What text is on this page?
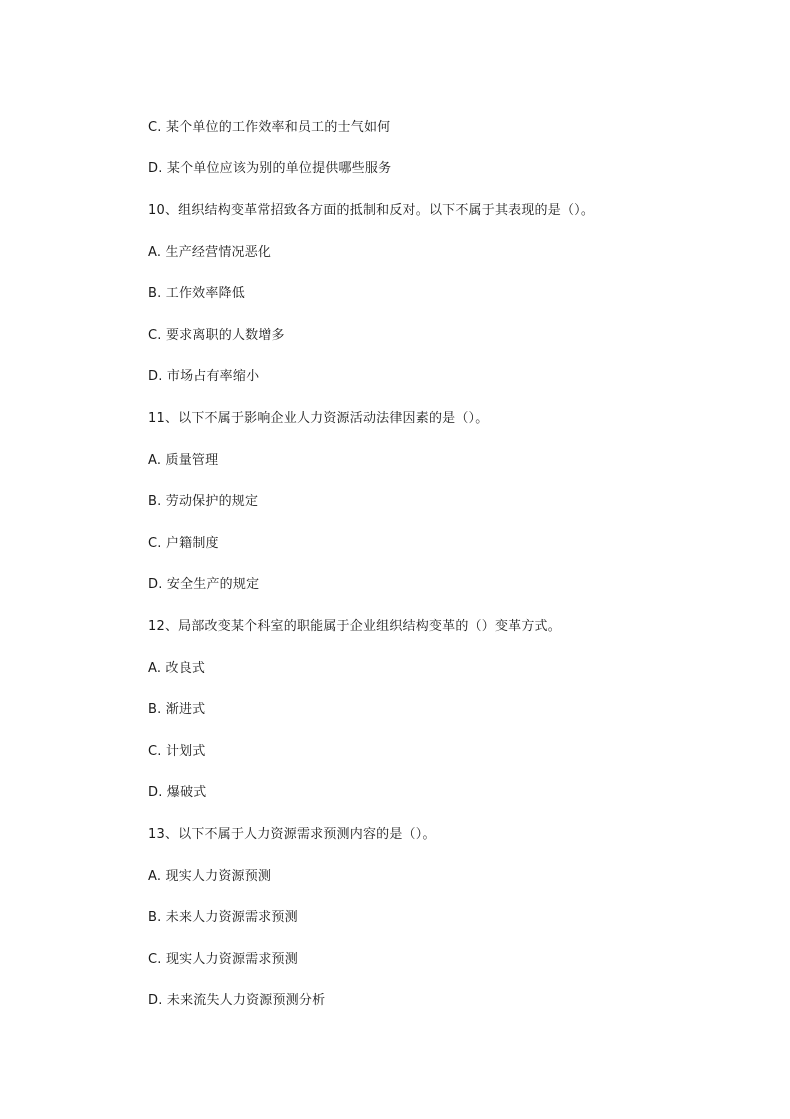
C. 某个单位的工作效率和员工的士气如何
D. 某个单位应该为别的单位提供哪些服务
10、组织结构变革常招致各方面的抵制和反对。以下不属于其表现的是（）。
A. 生产经营情况恶化
B. 工作效率降低
C. 要求离职的人数增多
D. 市场占有率缩小
11、以下不属于影响企业人力资源活动法律因素的是（）。
A. 质量管理
B. 劳动保护的规定
C. 户籍制度
D. 安全生产的规定
12、局部改变某个科室的职能属于企业组织结构变革的（）变革方式。
A. 改良式
B. 渐进式
C. 计划式
D. 爆破式
13、以下不属于人力资源需求预测内容的是（）。
A. 现实人力资源预测
B. 未来人力资源需求预测
C. 现实人力资源需求预测
D. 未来流失人力资源预测分析
